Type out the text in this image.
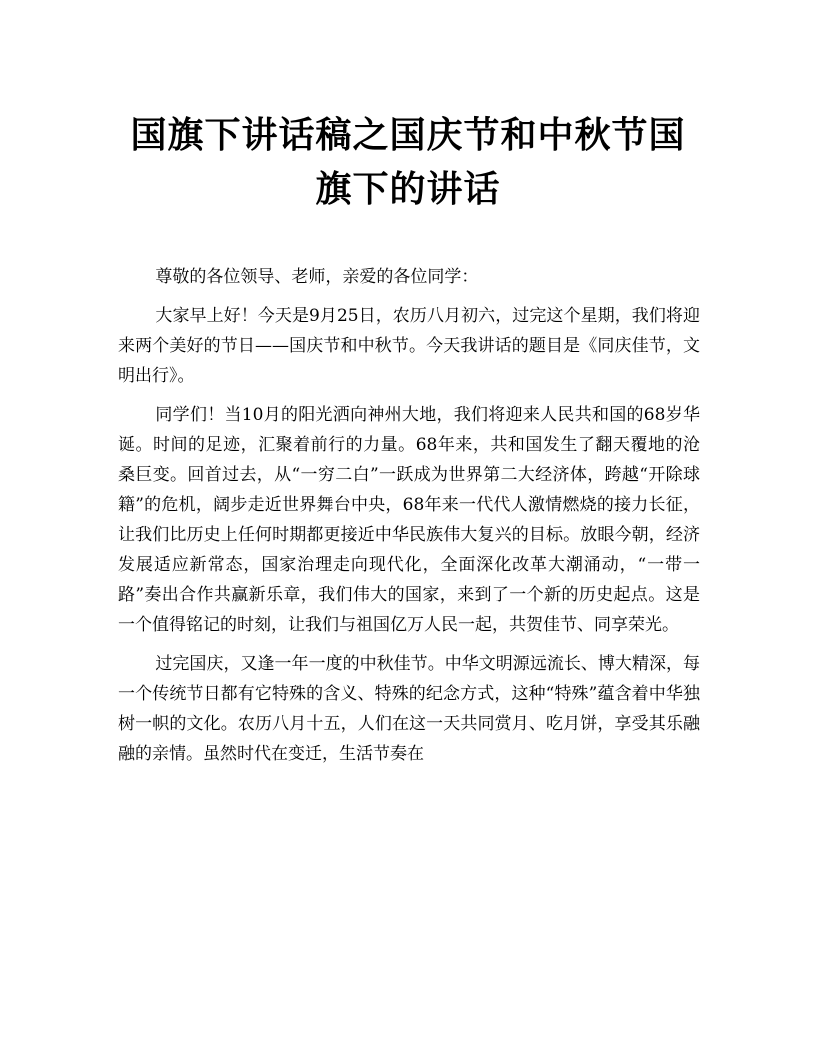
国旗下讲话稿之国庆节和中秋节国旗下的讲话

尊敬的各位领导、老师，亲爱的各位同学：

大家早上好！今天是9月25日，农历八月初六，过完这个星期，我们将迎来两个美好的节日——国庆节和中秋节。今天我讲话的题目是《同庆佳节，文明出行》。

同学们！当10月的阳光洒向神州大地，我们将迎来人民共和国的68岁华诞。时间的足迹，汇聚着前行的力量。68年来，共和国发生了翻天覆地的沧桑巨变。回首过去，从“一穷二白”一跃成为世界第二大经济体，跨越“开除球籍”的危机，阔步走近世界舞台中央，68年来一代代人激情燃烧的接力长征，让我们比历史上任何时期都更接近中华民族伟大复兴的目标。放眼今朝，经济发展适应新常态，国家治理走向现代化，全面深化改革大潮涌动，“一带一路”奏出合作共赢新乐章，我们伟大的国家，来到了一个新的历史起点。这是一个值得铭记的时刻，让我们与祖国亿万人民一起，共贺佳节、同享荣光。

过完国庆，又逢一年一度的中秋佳节。中华文明源远流长、博大精深，每一个传统节日都有它特殊的含义、特殊的纪念方式，这种“特殊”蕴含着中华独树一帜的文化。农历八月十五，人们在这一天共同赏月、吃月饼，享受其乐融融的亲情。虽然时代在变迁，生活节奏在
